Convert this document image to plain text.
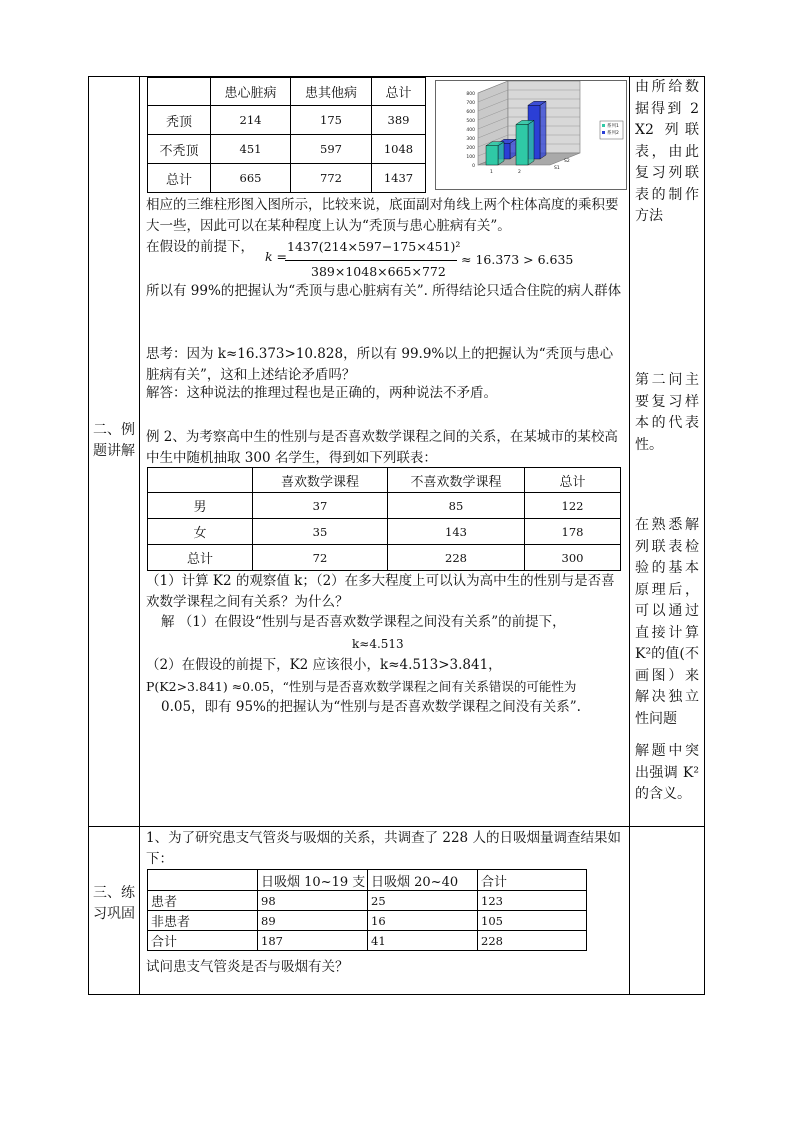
二、例题讲解
三、练习巩固
	患心脏病	患其他病	总计
秃顶	214	175	389
不秃顶	451	597	1048
总计	665	772	1437
0
100
200
300
400
500
600
700
800
1	2
S1
S2
系列1
系列2
相应的三维柱形图入图所示，比较来说，底面副对角线上两个柱体高度的乘积要大一些，因此可以在某种程度上认为“秃顶与患心脏病有关”。
在假设的前提下，
k =
1437(214×597−175×451)²
389×1048×665×772
≈ 16.373 > 6.635
所以有 99%的把握认为“秃顶与患心脏病有关”. 所得结论只适合住院的病人群体
思考：因为 k≈16.373>10.828，所以有 99.9%以上的把握认为“秃顶与患心脏病有关”，这和上述结论矛盾吗？
解答：这种说法的推理过程也是正确的，两种说法不矛盾。
例 2、为考察高中生的性别与是否喜欢数学课程之间的关系，在某城市的某校高中生中随机抽取 300 名学生，得到如下列联表：
	喜欢数学课程	不喜欢数学课程	总计
男	37	85	122
女	35	143	178
总计	72	228	300
（1）计算 K2 的观察值 k；（2）在多大程度上可以认为高中生的性别与是否喜欢数学课程之间有关系？为什么？
解 （1）在假设“性别与是否喜欢数学课程之间没有关系”的前提下，
k≈4.513
（2）在假设的前提下，K2 应该很小，k≈4.513>3.841，
P(K2>3.841) ≈0.05，“性别与是否喜欢数学课程之间有关系错误的可能性为
0.05，即有 95%的把握认为“性别与是否喜欢数学课程之间没有关系”.
1、为了研究患支气管炎与吸烟的关系，共调查了 228 人的日吸烟量调查结果如下：
	日吸烟 10~19 支	日吸烟 20~40	合计
患者	98	25	123
非患者	89	16	105
合计	187	41	228
试问患支气管炎是否与吸烟有关？
由所给数据得到 2X2 列联表，由此复习列联表的制作方法
第二问主要复习样本的代表性。
在熟悉解列联表检验的基本原理后，可以通过直接计算 K²的值(不画图）来解决独立性问题
解题中突出强调 K²的含义。
